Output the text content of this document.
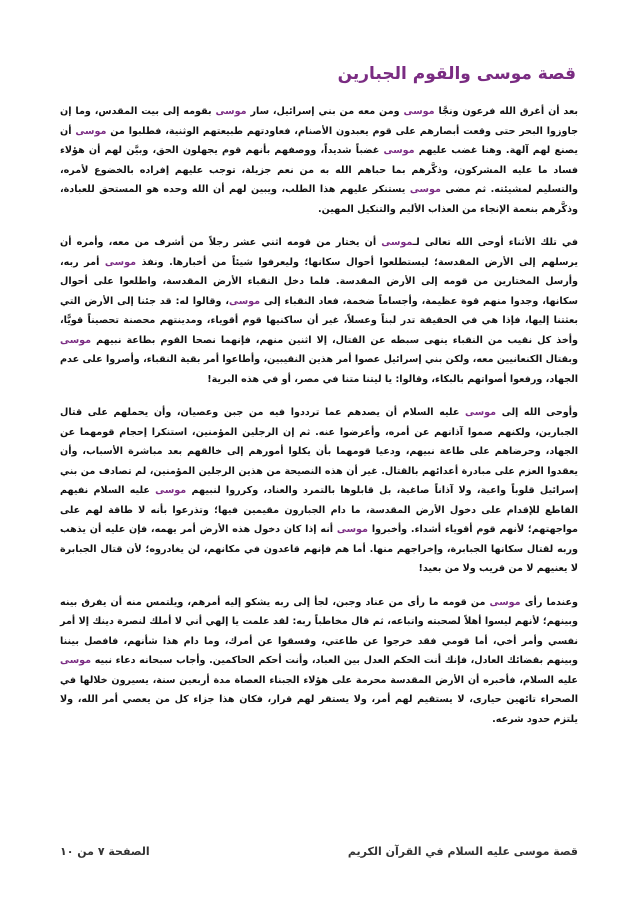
قصة موسى والقوم الجبارين

بعد أن أغرق الله فرعون ونجَّا موسى ومن معه من بني إسرائيل، سار موسى بقومه إلى بيت المقدس، وما إن جاوزوا البحر حتى وقعت أبصارهم على قوم يعبدون الأصنام، فعاودتهم طبيعتهم الوثنية، فطلبوا من موسى أن يصنع لهم آلهة. وهنا غضب عليهم موسى غضباً شديداً، ووصفهم بأنهم قوم يجهلون الحق، وبيَّن لهم أن هؤلاء فساد ما عليه المشركون، وذكَّرهم بما حباهم الله به من نعم جزيلة، توجب عليهم إفراده بالخضوع لأمره، والتسليم لمشيئته. ثم مضى موسى يستنكر عليهم هذا الطلب، ويبين لهم أن الله وحده هو المستحق للعبادة، وذكَّرهم بنعمة الإنجاء من العذاب الأليم والتنكيل المهين.

في تلك الأثناء أوحى الله تعالى لـموسى أن يختار من قومه اثني عشر رجلاً من أشرف من معه، وأمره أن يرسلهم إلى الأرض المقدسة؛ ليستطلعوا أحوال سكانها؛ وليعرفوا شيئاً من أخبارها. ونفذ موسى أمر ربه، وأرسل المختارين من قومه إلى الأرض المقدسة. فلما دخل النقباء الأرض المقدسة، واطلعوا على أحوال سكانها، وجدوا منهم قوة عظيمة، وأجساماً ضخمة، فعاد النقباء إلى موسى، وقالوا له: قد جئنا إلى الأرض التي بعثتنا إليها، فإذا هي في الحقيقة تدر لبناً وعسلاً، غير أن ساكنيها قوم أقوياء، ومدينتهم محصنة تحصيناً قويًّا، وأخذ كل نقيب من النقباء ينهى سبطه عن القتال، إلا اثنين منهم، فإنهما نصحا القوم بطاعة نبيهم موسى وبقتال الكنعانيين معه، ولكن بني إسرائيل عصوا أمر هذين النقيبين، وأطاعوا أمر بقية النقباء، وأصروا على عدم الجهاد، ورفعوا أصواتهم بالبكاء، وقالوا: يا ليتنا متنا في مصر، أو في هذه البرية!

وأوحى الله إلى موسى عليه السلام أن يصدهم عما ترددوا فيه من جبن وعصيان، وأن يحملهم على قتال الجبارين، ولكنهم صموا آذانهم عن أمره، وأعرضوا عنه. ثم إن الرجلين المؤمنين، استنكرا إحجام قومهما عن الجهاد، وحرضاهم على طاعة نبيهم، ودعيا قومهما بأن يكلوا أمورهم إلى خالقهم بعد مباشرة الأسباب، وأن يعقدوا العزم على مبادرة أعدائهم بالقتال. غير أن هذه النصيحة من هذين الرجلين المؤمنين، لم تصادف من بني إسرائيل قلوباً واعية، ولا آذاناً صاغية، بل قابلوها بالتمرد والعناد، وكرروا لنبيهم موسى عليه السلام نفيهم القاطع للإقدام على دخول الأرض المقدسة، ما دام الجبارون مقيمين فيها؛ وتذرعوا بأنه لا طاقة لهم على مواجهتهم؛ لأنهم قوم أقوياء أشداء. وأخبروا موسى أنه إذا كان دخول هذه الأرض أمر يهمه، فإن عليه أن يذهب وربه لقتال سكانها الجبابرة، وإخراجهم منها. أما هم فإنهم قاعدون في مكانهم، لن يغادروه؛ لأن قتال الجبابرة لا يعنيهم لا من قريب ولا من بعيد!

وعندما رأى موسى من قومه ما رأى من عناد وجبن، لجأ إلى ربه يشكو إليه أمرهم، ويلتمس منه أن يفرق بينه وبينهم؛ لأنهم ليسوا أهلاً لصحبته واتباعه، ثم قال مخاطباً ربه: لقد علمت يا إلهي أني لا أملك لنصرة دينك إلا أمر نفسي وأمر أخي، أما قومي فقد خرجوا عن طاعتي، وفسقوا عن أمرك، وما دام هذا شأنهم، فافصل بيننا وبينهم بقضائك العادل، فإنك أنت الحكم العدل بين العباد، وأنت أحكم الحاكمين. وأجاب سبحانه دعاء نبيه موسى عليه السلام، فأخبره أن الأرض المقدسة محرمة على هؤلاء الجبناء العصاة مدة أربعين سنة، يسيرون خلالها في الصحراء تائهين حيارى، لا يستقيم لهم أمر، ولا يستقر لهم قرار، فكان هذا جزاء كل من يعصي أمر الله، ولا يلتزم حدود شرعه.

قصة موسى عليه السلام في القرآن الكريم
الصفحة ٧ من ١٠
